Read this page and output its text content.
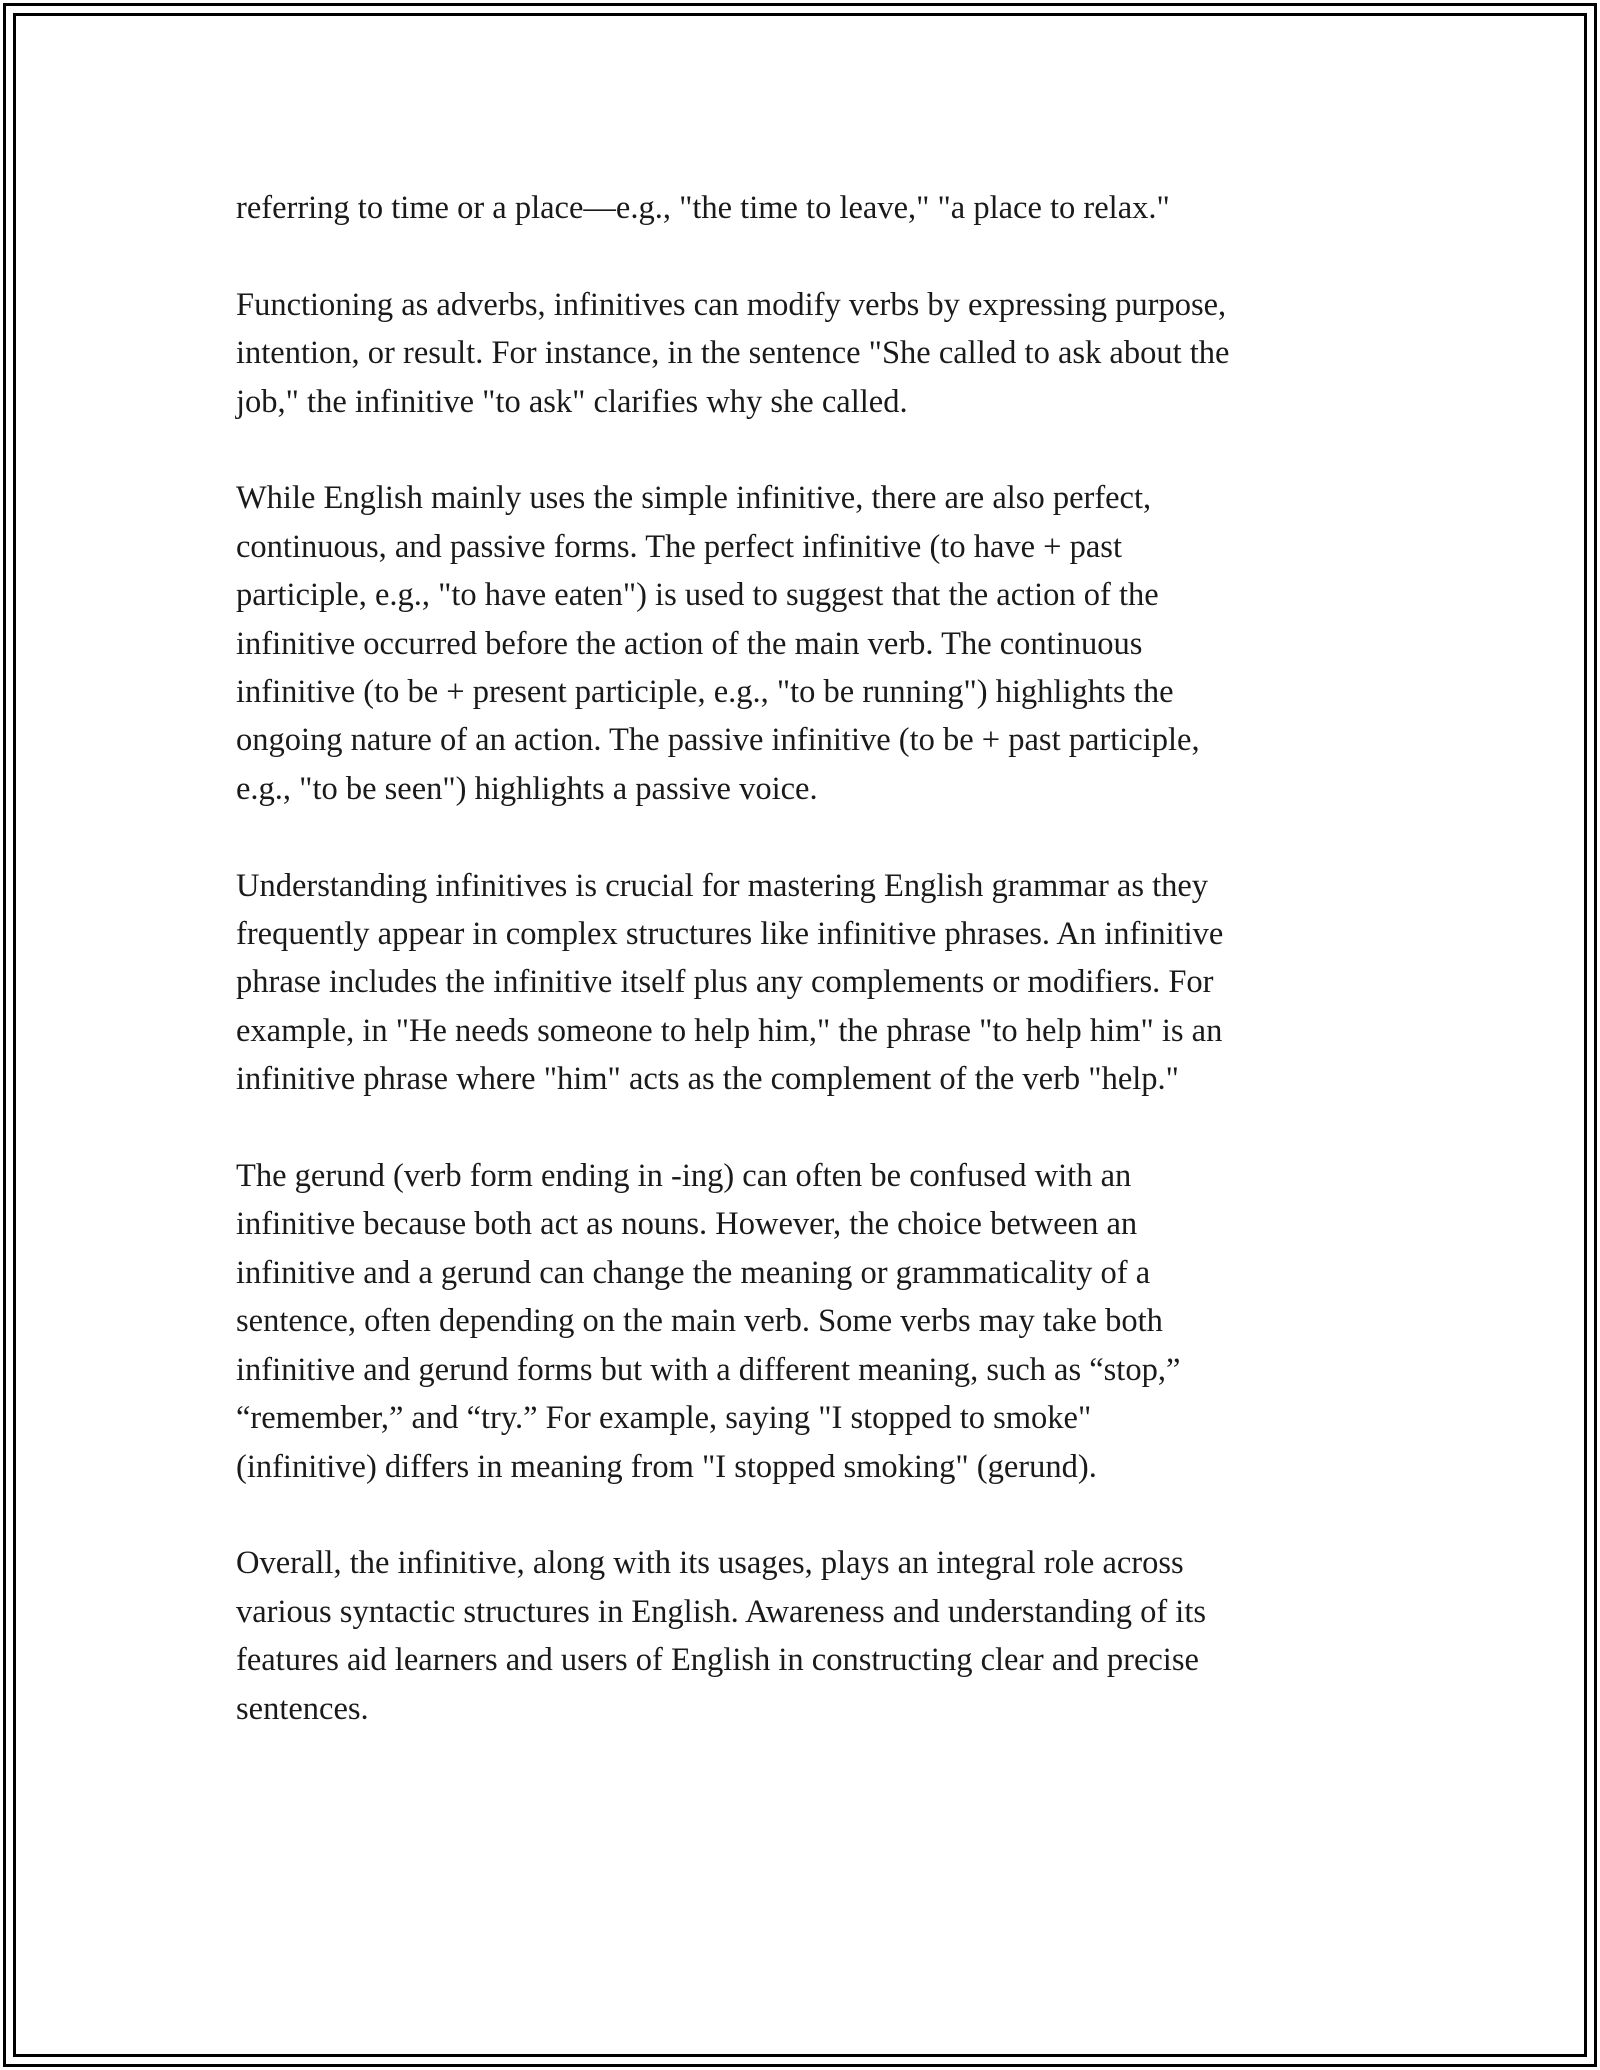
referring to time or a place—e.g., "the time to leave," "a place to relax."

Functioning as adverbs, infinitives can modify verbs by expressing purpose,
intention, or result. For instance, in the sentence "She called to ask about the
job," the infinitive "to ask" clarifies why she called.

While English mainly uses the simple infinitive, there are also perfect,
continuous, and passive forms. The perfect infinitive (to have + past
participle, e.g., "to have eaten") is used to suggest that the action of the
infinitive occurred before the action of the main verb. The continuous
infinitive (to be + present participle, e.g., "to be running") highlights the
ongoing nature of an action. The passive infinitive (to be + past participle,
e.g., "to be seen") highlights a passive voice.

Understanding infinitives is crucial for mastering English grammar as they
frequently appear in complex structures like infinitive phrases. An infinitive
phrase includes the infinitive itself plus any complements or modifiers. For
example, in "He needs someone to help him," the phrase "to help him" is an
infinitive phrase where "him" acts as the complement of the verb "help."

The gerund (verb form ending in -ing) can often be confused with an
infinitive because both act as nouns. However, the choice between an
infinitive and a gerund can change the meaning or grammaticality of a
sentence, often depending on the main verb. Some verbs may take both
infinitive and gerund forms but with a different meaning, such as “stop,”
“remember,” and “try.” For example, saying "I stopped to smoke"
(infinitive) differs in meaning from "I stopped smoking" (gerund).

Overall, the infinitive, along with its usages, plays an integral role across
various syntactic structures in English. Awareness and understanding of its
features aid learners and users of English in constructing clear and precise
sentences.
